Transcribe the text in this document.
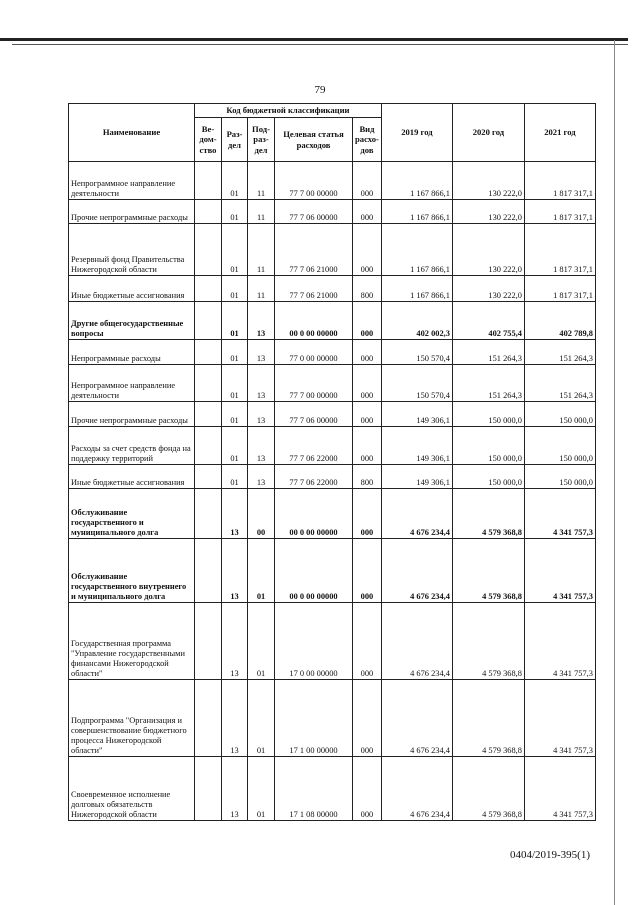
79
Наименование	Код бюджетной классификации					2019 год	2020 год	2021 год
	Ве-дом-ство	Раз-дел	Под-раз-дел	Целевая статья расходов	Вид расхо-дов			
Непрограммное направление деятельности		01	11	77 7 00 00000	000	1 167 866,1	130 222,0	1 817 317,1
Прочие непрограммные расходы		01	11	77 7 06 00000	000	1 167 866,1	130 222,0	1 817 317,1
Резервный фонд Правительства Нижегородской области		01	11	77 7 06 21000	000	1 167 866,1	130 222,0	1 817 317,1
Иные бюджетные ассигнования		01	11	77 7 06 21000	800	1 167 866,1	130 222,0	1 817 317,1
Другие общегосударственные вопросы		01	13	00 0 00 00000	000	402 002,3	402 755,4	402 789,8
Непрограммные расходы		01	13	77 0 00 00000	000	150 570,4	151 264,3	151 264,3
Непрограммное направление деятельности		01	13	77 7 00 00000	000	150 570,4	151 264,3	151 264,3
Прочие непрограммные расходы		01	13	77 7 06 00000	000	149 306,1	150 000,0	150 000,0
Расходы за счет средств фонда на поддержку территорий		01	13	77 7 06 22000	000	149 306,1	150 000,0	150 000,0
Иные бюджетные ассигнования		01	13	77 7 06 22000	800	149 306,1	150 000,0	150 000,0
Обслуживание государственного и муниципального долга		13	00	00 0 00 00000	000	4 676 234,4	4 579 368,8	4 341 757,3
Обслуживание государственного внутреннего и муниципального долга		13	01	00 0 00 00000	000	4 676 234,4	4 579 368,8	4 341 757,3
Государственная программа "Управление государственными финансами Нижегородской области"		13	01	17 0 00 00000	000	4 676 234,4	4 579 368,8	4 341 757,3
Подпрограмма "Организация и совершенствование бюджетного процесса Нижегородской области"		13	01	17 1 00 00000	000	4 676 234,4	4 579 368,8	4 341 757,3
Своевременное исполнение долговых обязательств Нижегородской области		13	01	17 1 08 00000	000	4 676 234,4	4 579 368,8	4 341 757,3
0404/2019-395(1)
